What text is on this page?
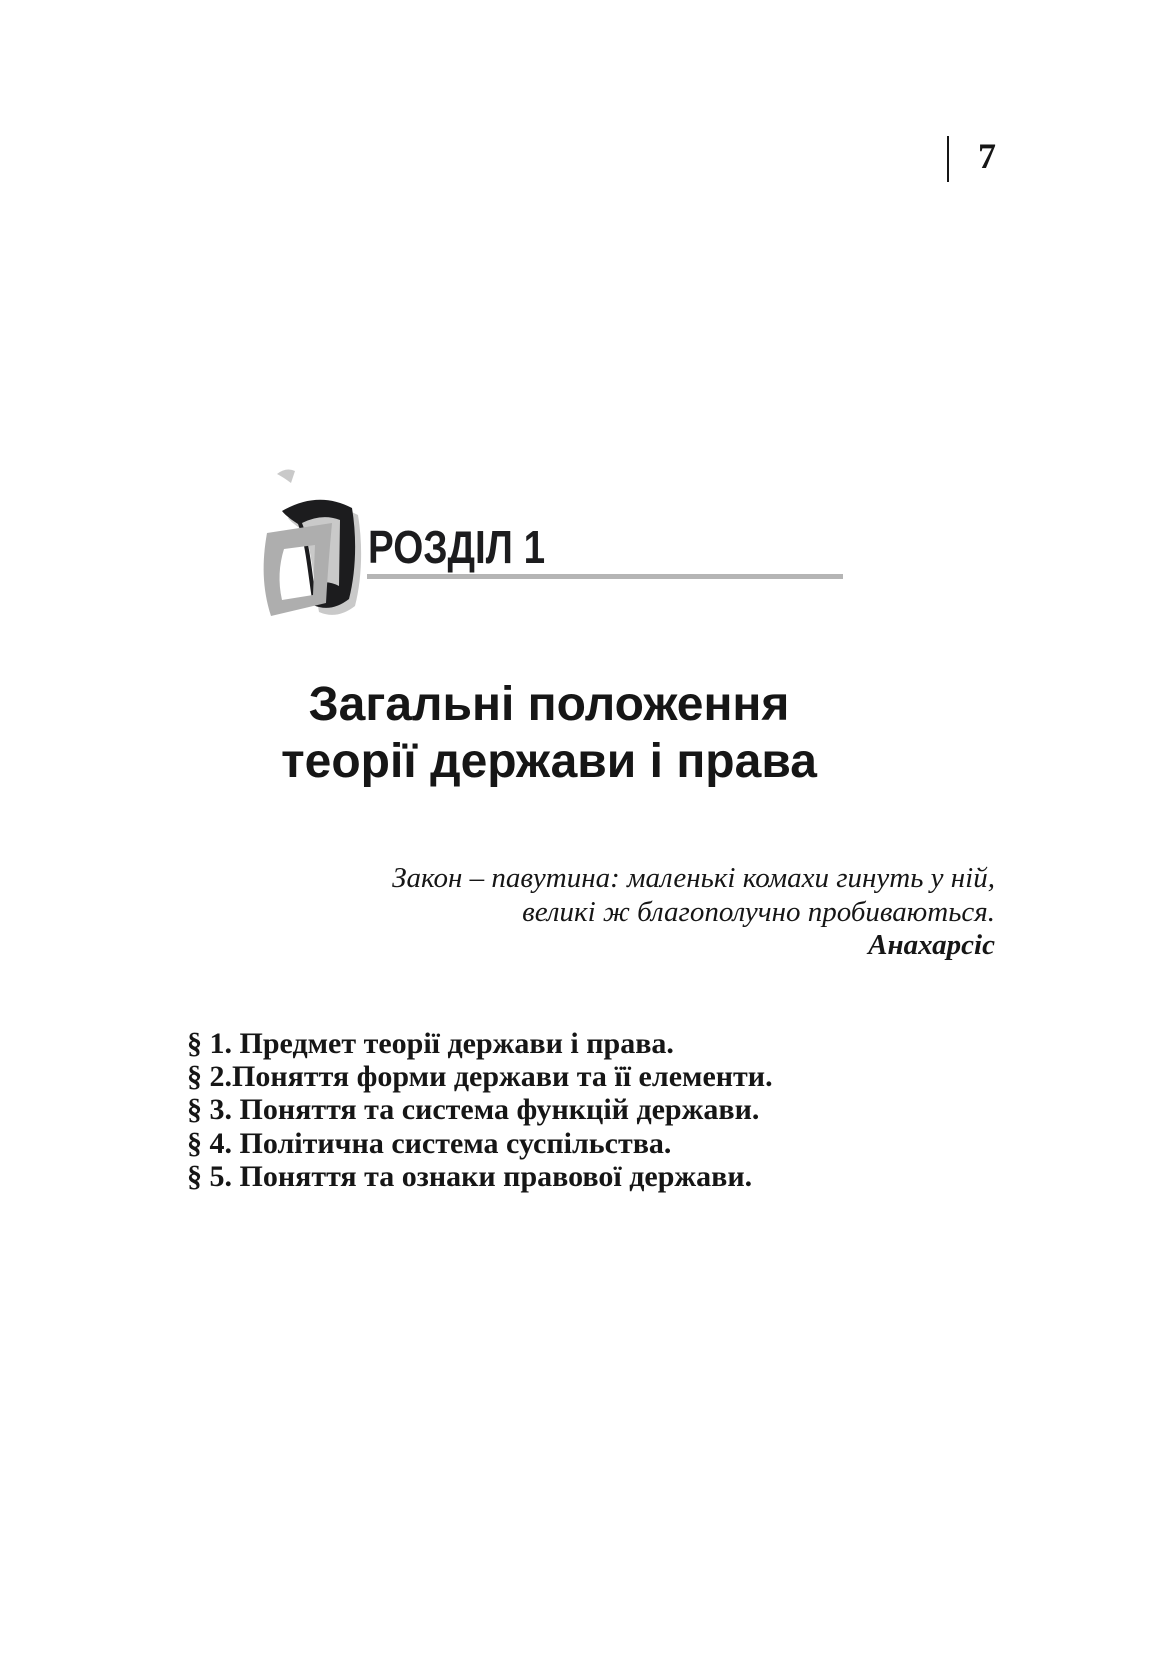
7
РОЗДІЛ 1
Загальні положення
теорії держави і права
Закон – павутина: маленькі комахи гинуть у ній,
великі ж благополучно пробиваються.
Анахарсіс
§ 1. Предмет теорії держави і права.
§ 2.Поняття форми держави та її елементи.
§ 3. Поняття та система функцій держави.
§ 4. Політична система суспільства.
§ 5. Поняття та ознаки правової держави.
